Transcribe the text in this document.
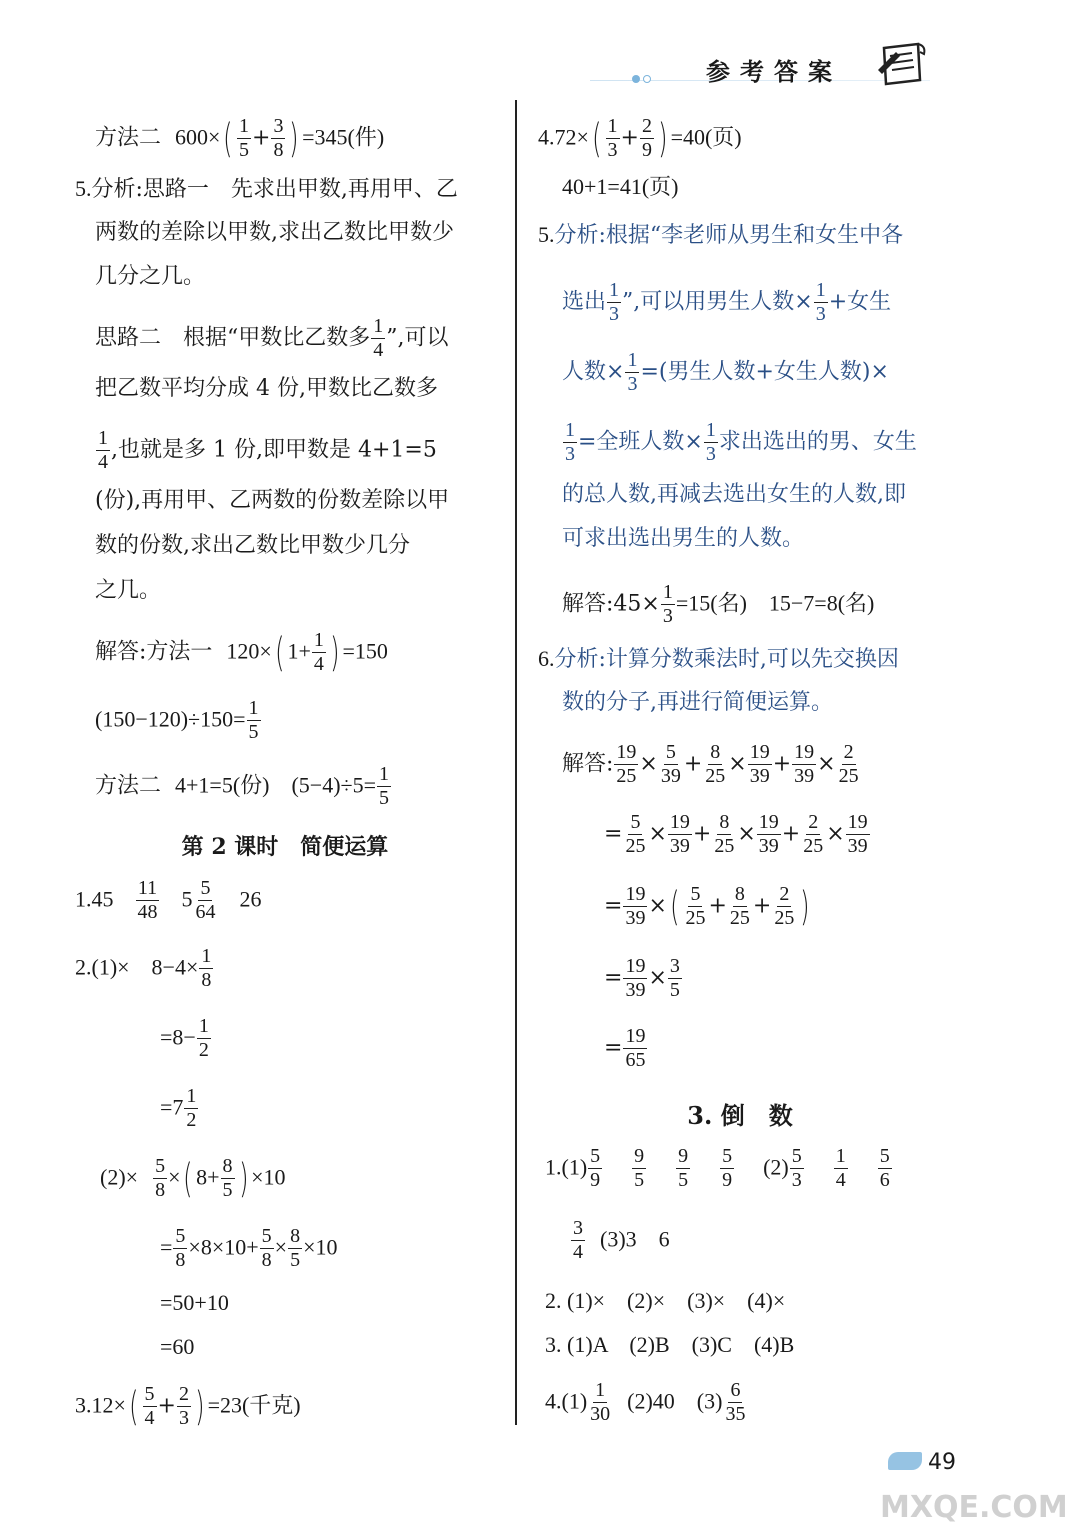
参考答案
方法二 $600\times( \frac{1}{5} + \frac{3}{8}$ ) =345(件)
5.分析:思路一　先求出甲数,再用甲、乙
两数的差除以甲数,求出乙数比甲数少
几分之几。
思路二　根据“甲数比乙数多 $\frac{1}{4}$ ”,可以
把乙数平均分成 4 份,甲数比乙数多
$\frac{1}{4}$ ,也就是多 1 份,即甲数是 4+1=5
(份),再用甲、乙两数的份数差除以甲
数的份数,求出乙数比甲数少几分
之几。
解答:方法一 120×( $1+ \frac{1}{4}$ ) =150
$(150-120)\div 150= \frac{1}{5}$
方法二 4+1=5(份)　$(5-4)\div 5= \frac{1}{5}$
第 2 课时　简便运算
$1.45 \frac{11}{48} 5 \frac{5}{64} 26$
2.(1)×　$8-4\times \frac{1}{8}$
$=8- \frac{1}{2}$
$=7 \frac{1}{2}$
$(2)\times \frac{5}{8}$ ×( $8+ \frac{8}{5}$ ) ×10
= $\frac{5}{8} \times 8\times 10+ \frac{5}{8} \times \frac{8}{5} \times 10$
=50+10
=60
$3.12\times( \frac{5}{4} + \frac{2}{3}$ ) =23(千克)
$4.72\times( \frac{1}{3} + \frac{2}{9}$ ) =40(页)
40+1=41(页)
5.分析:根据“李老师从男生和女生中各
选出 $\frac{1}{3}$ ”,可以用男生人数× $\frac{1}{3}$ +女生
人数× $\frac{1}{3}$ =(男生人数+女生人数)×
$\frac{1}{3}$ =全班人数× $\frac{1}{3}$ 求出选出的男、女生
的总人数,再减去选出女生的人数,即
可求出选出男生的人数。
解答:45× $\frac{1}{3} =15$(名)　15−7=8(名)
6.分析:计算分数乘法时,可以先交换因
数的分子,再进行简便运算。
解答: $\frac{19}{25} \times \frac{5}{39} + \frac{8}{25} \times \frac{19}{39} + \frac{19}{39} \times \frac{2}{25}$
= $\frac{5}{25} \times \frac{19}{39} + \frac{8}{25} \times \frac{19}{39} + \frac{2}{25} \times \frac{19}{39}$
= $\frac{19}{39}$ ×( $\frac{5}{25} + \frac{8}{25} + \frac{2}{25}$ )
= $\frac{19}{39} \times \frac{3}{5}$
= $\frac{19}{65}$
3. 倒　数
$1.(1) \frac{5}{9}$
$\frac{9}{5}$
$\frac{9}{5}$
$\frac{5}{9} (2) \frac{5}{3}$
$\frac{1}{4}$
$\frac{5}{6}$
$\frac{3}{4} (3)3$　6
2. (1)×　(2)×　(3)×　(4)×
3. (1)A　(2)B　(3)C　(4)B
$4.(1) \frac{1}{30} (2)40$　$(3) \frac{6}{35}$
49
MXQE.COM
